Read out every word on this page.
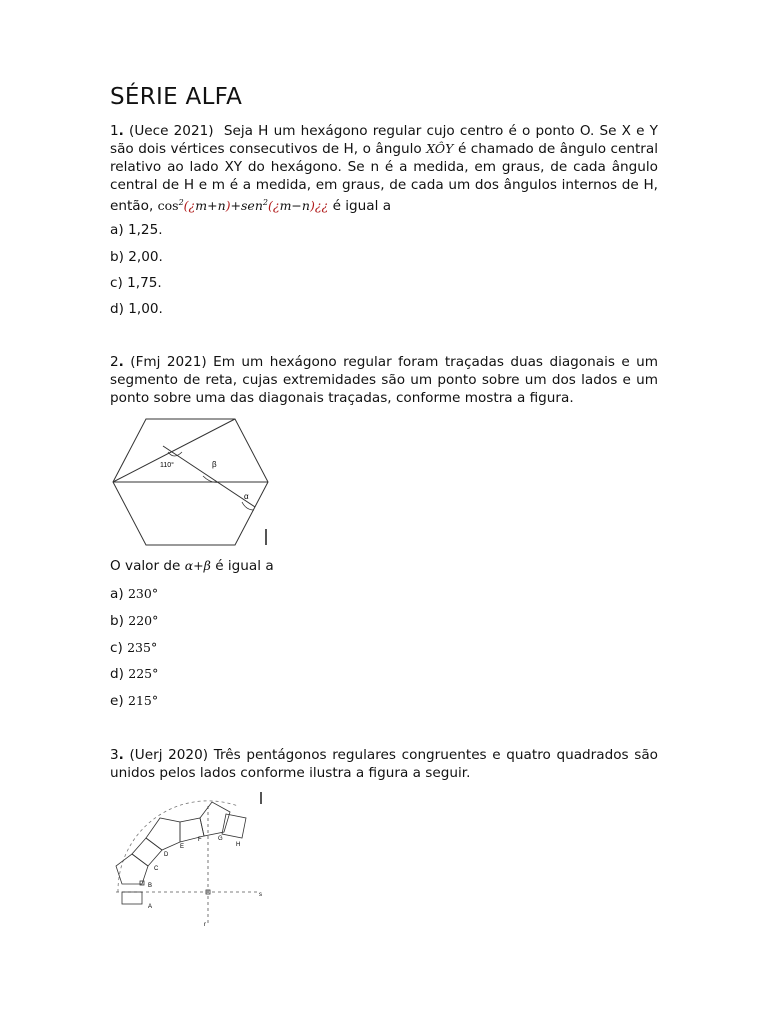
SÉRIE ALFA

1. (Uece 2021) Seja H um hexágono regular cujo centro é o ponto O. Se X e Y são dois vértices consecutivos de H, o ângulo XÔY é chamado de ângulo central relativo ao lado XY do hexágono. Se n é a medida, em graus, de cada ângulo central de H e m é a medida, em graus, de cada um dos ângulos internos de H, então, $\cos^2(¿m+n)+sen^2(¿m-n)¿¿$ é igual a

a) 1,25.

b) 2,00.

c) 1,75.

d) 1,00.

2. (Fmj 2021) Em um hexágono regular foram traçadas duas diagonais e um segmento de reta, cujas extremidades são um ponto sobre um dos lados e um ponto sobre uma das diagonais traçadas, conforme mostra a figura.

110°	β
α

O valor de α+β é igual a

a) 230°

b) 220°

c) 235°

d) 225°

e) 215°

3. (Uerj 2020) Três pentágonos regulares congruentes e quatro quadrados são unidos pelos lados conforme ilustra a figura a seguir.

A
B
C
D
E
F	G
H
s
r
